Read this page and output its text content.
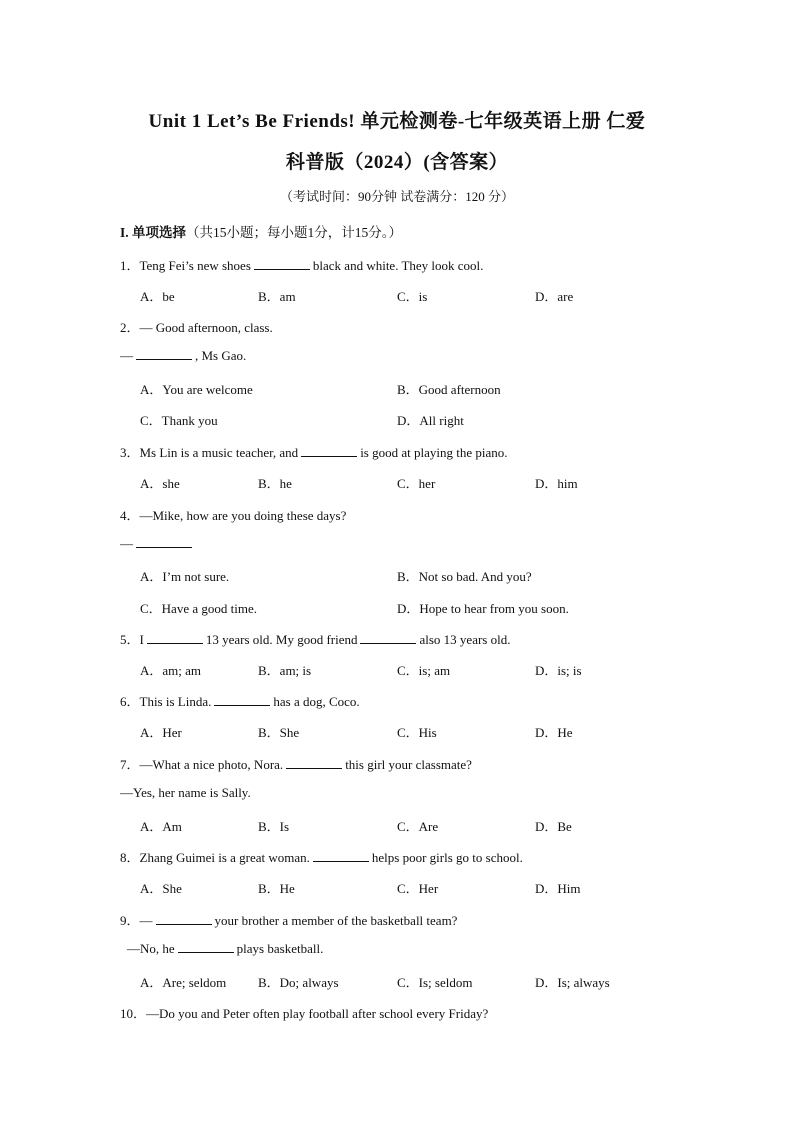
Unit 1 Let’s Be Friends! 单元检测卷-七年级英语上册 仁爱
科普版（2024）(含答案）
（考试时间：90分钟 试卷满分：120 分）
I. 单项选择（共15小题；每小题1分，计15分。）
1．Teng Fei’s new shoes	black and white. They look cool.
A．be	B．am	C．is	D．are
2．— Good afternoon, class.
—	, Ms Gao.
A．You are welcome	B．Good afternoon
C．Thank you	D．All right
3．Ms Lin is a music teacher, and	is good at playing the piano.
A．she	B．he	C．her	D．him
4．—Mike, how are you doing these days?
—
A．I’m not sure.	B．Not so bad. And you?
C．Have a good time.	D．Hope to hear from you soon.
5．I	13 years old. My good friend	also 13 years old.
A．am; am	B．am; is	C．is; am	D．is; is
6．This is Linda.	has a dog, Coco.
A．Her	B．She	C．His	D．He
7．—What a nice photo, Nora.	this girl your classmate?
—Yes, her name is Sally.
A．Am	B．Is	C．Are	D．Be
8．Zhang Guimei is a great woman.	helps poor girls go to school.
A．She	B．He	C．Her	D．Him
9．—	your brother a member of the basketball team?
—No, he	plays basketball.
A．Are; seldom B．Do; always	C．Is; seldom	D．Is; always
10．—Do you and Peter often play football after school every Friday?
